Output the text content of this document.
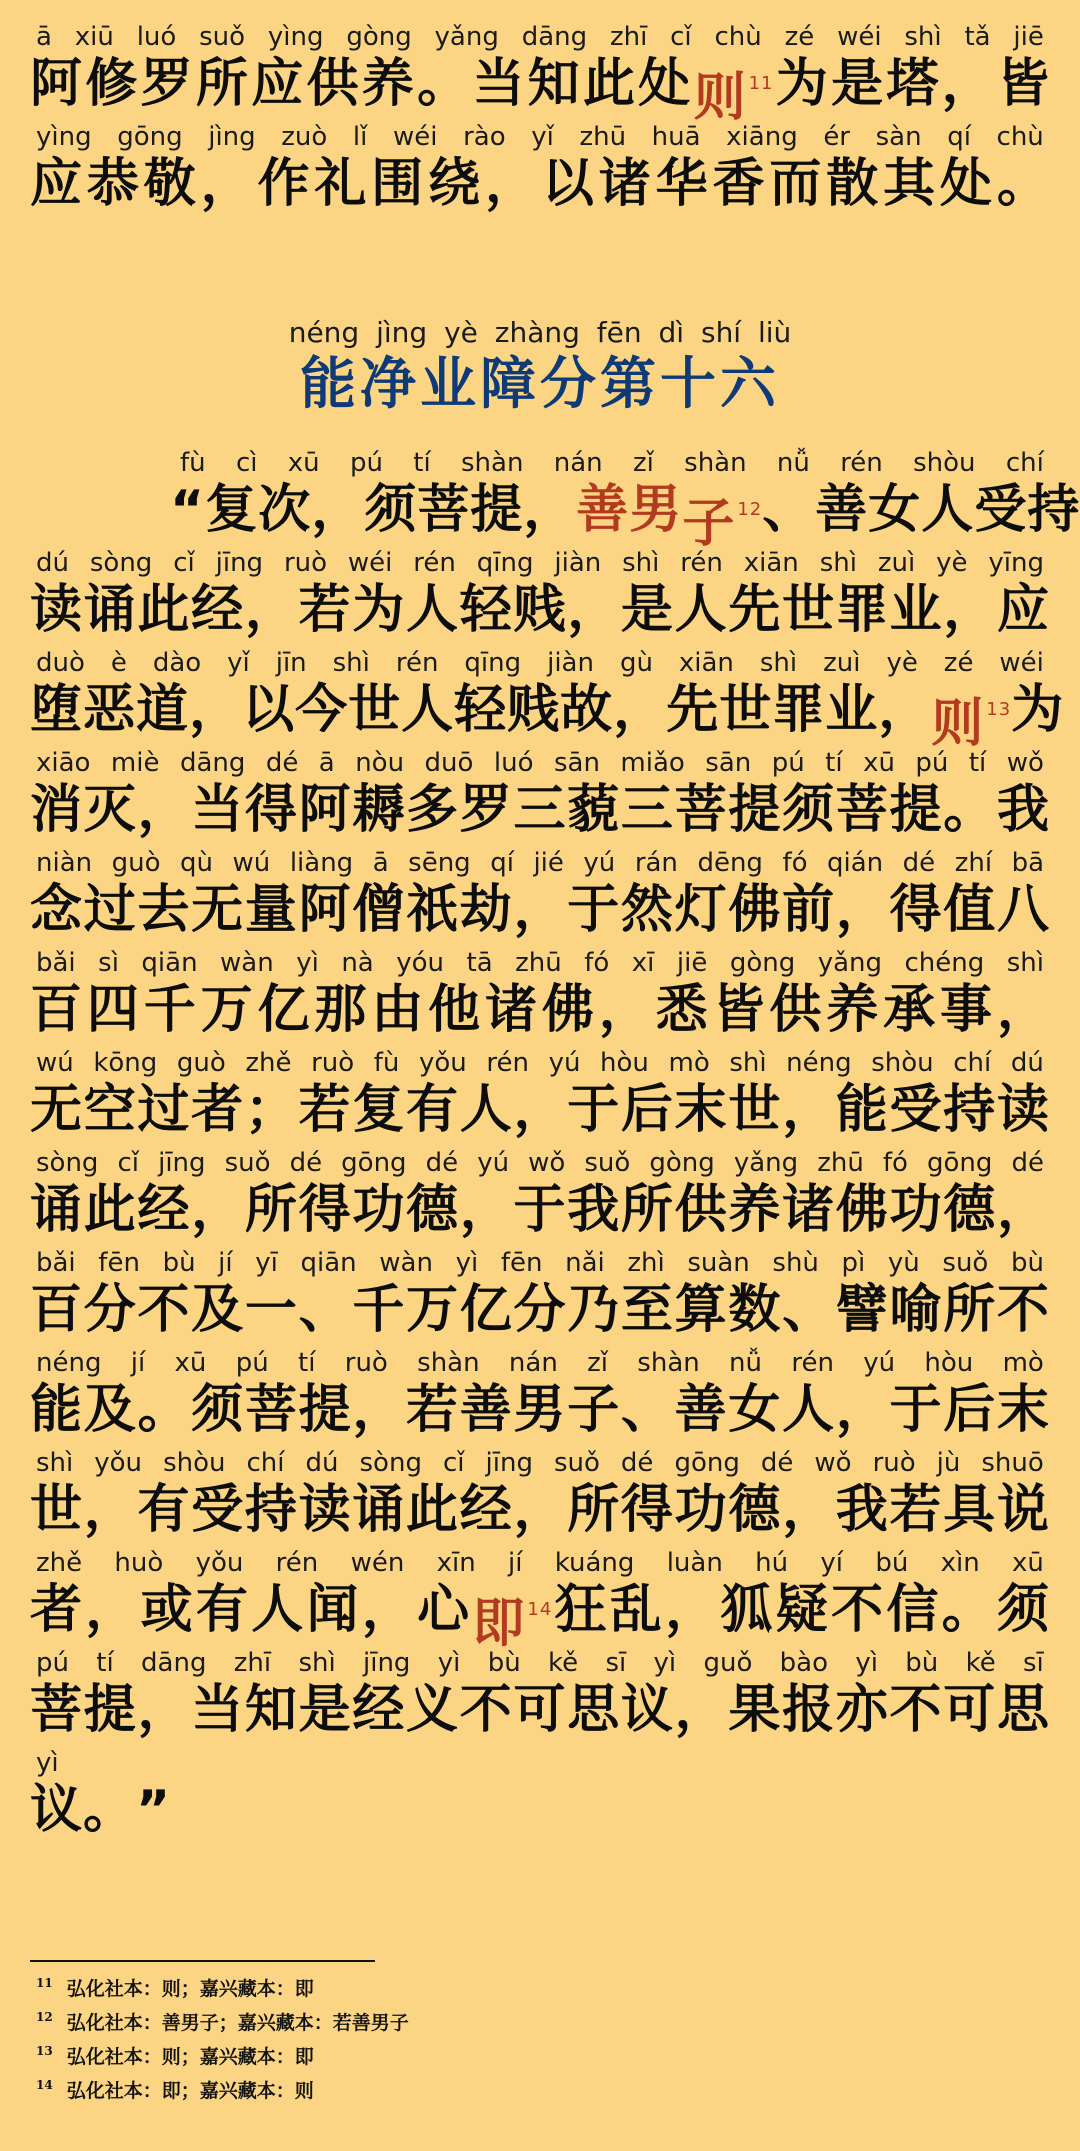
ā xiū luó suǒ yìng gòng yǎng dāng zhī cǐ chù zé wéi shì tǎ jiē
阿 修 罗 所 应 供 养 。 当 知 此 处 则 $^{11}$ 为 是 塔 ， 皆
yìng gōng jìng zuò lǐ wéi rào yǐ zhū huā xiāng ér sàn qí chù
应 恭 敬 ， 作 礼 围 绕 ， 以 诸 华 香 而 散 其 处 。
néng jìng yè zhàng fēn dì shí liù
能净业障分第十六
fù cì xū pú tí shàn nán zǐ shàn nǚ rén shòu chí
“ 复 次 ， 须 菩 提 ， 善 男 子 $^{12}$ 、 善 女 人 受 持
dú sòng cǐ jīng ruò wéi rén qīng jiàn shì rén xiān shì zuì yè yīng
读 诵 此 经 ， 若 为 人 轻 贱 ， 是 人 先 世 罪 业 ， 应
duò è dào yǐ jīn shì rén qīng jiàn gù xiān shì zuì yè zé wéi
堕 恶 道 ， 以 今 世 人 轻 贱 故 ， 先 世 罪 业 ， 则 $^{13}$ 为
xiāo miè dāng dé ā nòu duō luó sān miǎo sān pú tí xū pú tí wǒ
消 灭 ， 当 得 阿 耨 多 罗 三 藐 三 菩 提 须 菩 提 。 我
niàn guò qù wú liàng ā sēng qí jié yú rán dēng fó qián dé zhí bā
念 过 去 无 量 阿 僧 祇 劫 ， 于 然 灯 佛 前 ， 得 值 八
bǎi sì qiān wàn yì nà yóu tā zhū fó xī jiē gòng yǎng chéng shì
百 四 千 万 亿 那 由 他 诸 佛 ， 悉 皆 供 养 承 事 ，
wú kōng guò zhě ruò fù yǒu rén yú hòu mò shì néng shòu chí dú
无 空 过 者 ； 若 复 有 人 ， 于 后 末 世 ， 能 受 持 读
sòng cǐ jīng suǒ dé gōng dé yú wǒ suǒ gòng yǎng zhū fó gōng dé
诵 此 经 ， 所 得 功 德 ， 于 我 所 供 养 诸 佛 功 德 ，
bǎi fēn bù jí yī qiān wàn yì fēn nǎi zhì suàn shù pì yù suǒ bù
百 分 不 及 一 、 千 万 亿 分 乃 至 算 数 、 譬 喻 所 不
néng jí xū pú tí ruò shàn nán zǐ shàn nǚ rén yú hòu mò
能 及 。 须 菩 提 ， 若 善 男 子 、 善 女 人 ， 于 后 末
shì yǒu shòu chí dú sòng cǐ jīng suǒ dé gōng dé wǒ ruò jù shuō
世 ， 有 受 持 读 诵 此 经 ， 所 得 功 德 ， 我 若 具 说
zhě huò yǒu rén wén xīn jí kuáng luàn hú yí bú xìn xū
者 ， 或 有 人 闻 ， 心 即 $^{14}$ 狂 乱 ， 狐 疑 不 信 。 须
pú tí dāng zhī shì jīng yì bù kě sī yì guǒ bào yì bù kě sī
菩 提 ， 当 知 是 经 义 不 可 思 议 ， 果 报 亦 不 可 思
yì
议 。 ”
$^{11}$ 弘化社本：则；嘉兴藏本：即
$^{12}$ 弘化社本：善男子；嘉兴藏本：若善男子
$^{13}$ 弘化社本：则；嘉兴藏本：即
$^{14}$ 弘化社本：即；嘉兴藏本：则
